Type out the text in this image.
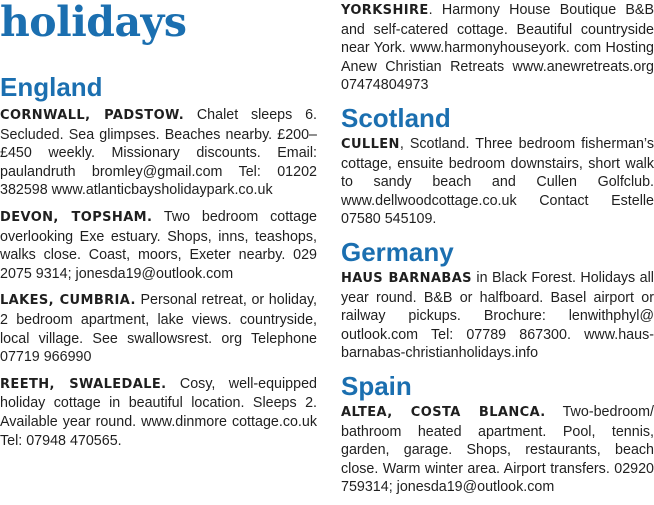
holidays
England

CORNWALL, PADSTOW. Chalet sleeps 6. Secluded. Sea glimpses. Beaches nearby. £200–£450 weekly. Missionary discounts. Email: paulandruth bromley@gmail.com Tel: 01202 382598 www.atlanticbaysholidaypark.co.uk

DEVON, TOPSHAM. Two bedroom cottage overlooking Exe estuary. Shops, inns, teashops, walks close. Coast, moors, Exeter nearby. 029 2075 9314; jonesda19@outlook.com

LAKES, CUMBRIA. Personal retreat, or holiday, 2 bedroom apartment, lake views. countryside, local village. See swallowsrest. org Telephone 07719 966990

REETH, SWALEDALE. Cosy, well-equipped holiday cottage in beautiful location. Sleeps 2. Available year round. www.dinmore cottage.co.uk Tel: 07948 470565.

YORKSHIRE. Harmony House Boutique B&B and self-catered cottage. Beautiful countryside near York. www.harmonyhouseyork. com Hosting Anew Christian Retreats www.anewretreats.org 07474804973

Scotland

CULLEN, Scotland. Three bedroom fisherman’s cottage, ensuite bedroom downstairs, short walk to sandy beach and Cullen Golfclub. www.dellwoodcottage.co.uk Contact Estelle 07580 545109.

Germany

HAUS BARNABAS in Black Forest. Holidays all year round. B&B or halfboard. Basel airport or railway pickups. Brochure: lenwithphyl@ outlook.com Tel: 07789 867300. www.haus-barnabas-christianholidays.info

Spain

ALTEA, COSTA BLANCA. Two-bedroom/ bathroom heated apartment. Pool, tennis, garden, garage. Shops, restaurants, beach close. Warm winter area. Airport transfers. 02920 759314; jonesda19@outlook.com
